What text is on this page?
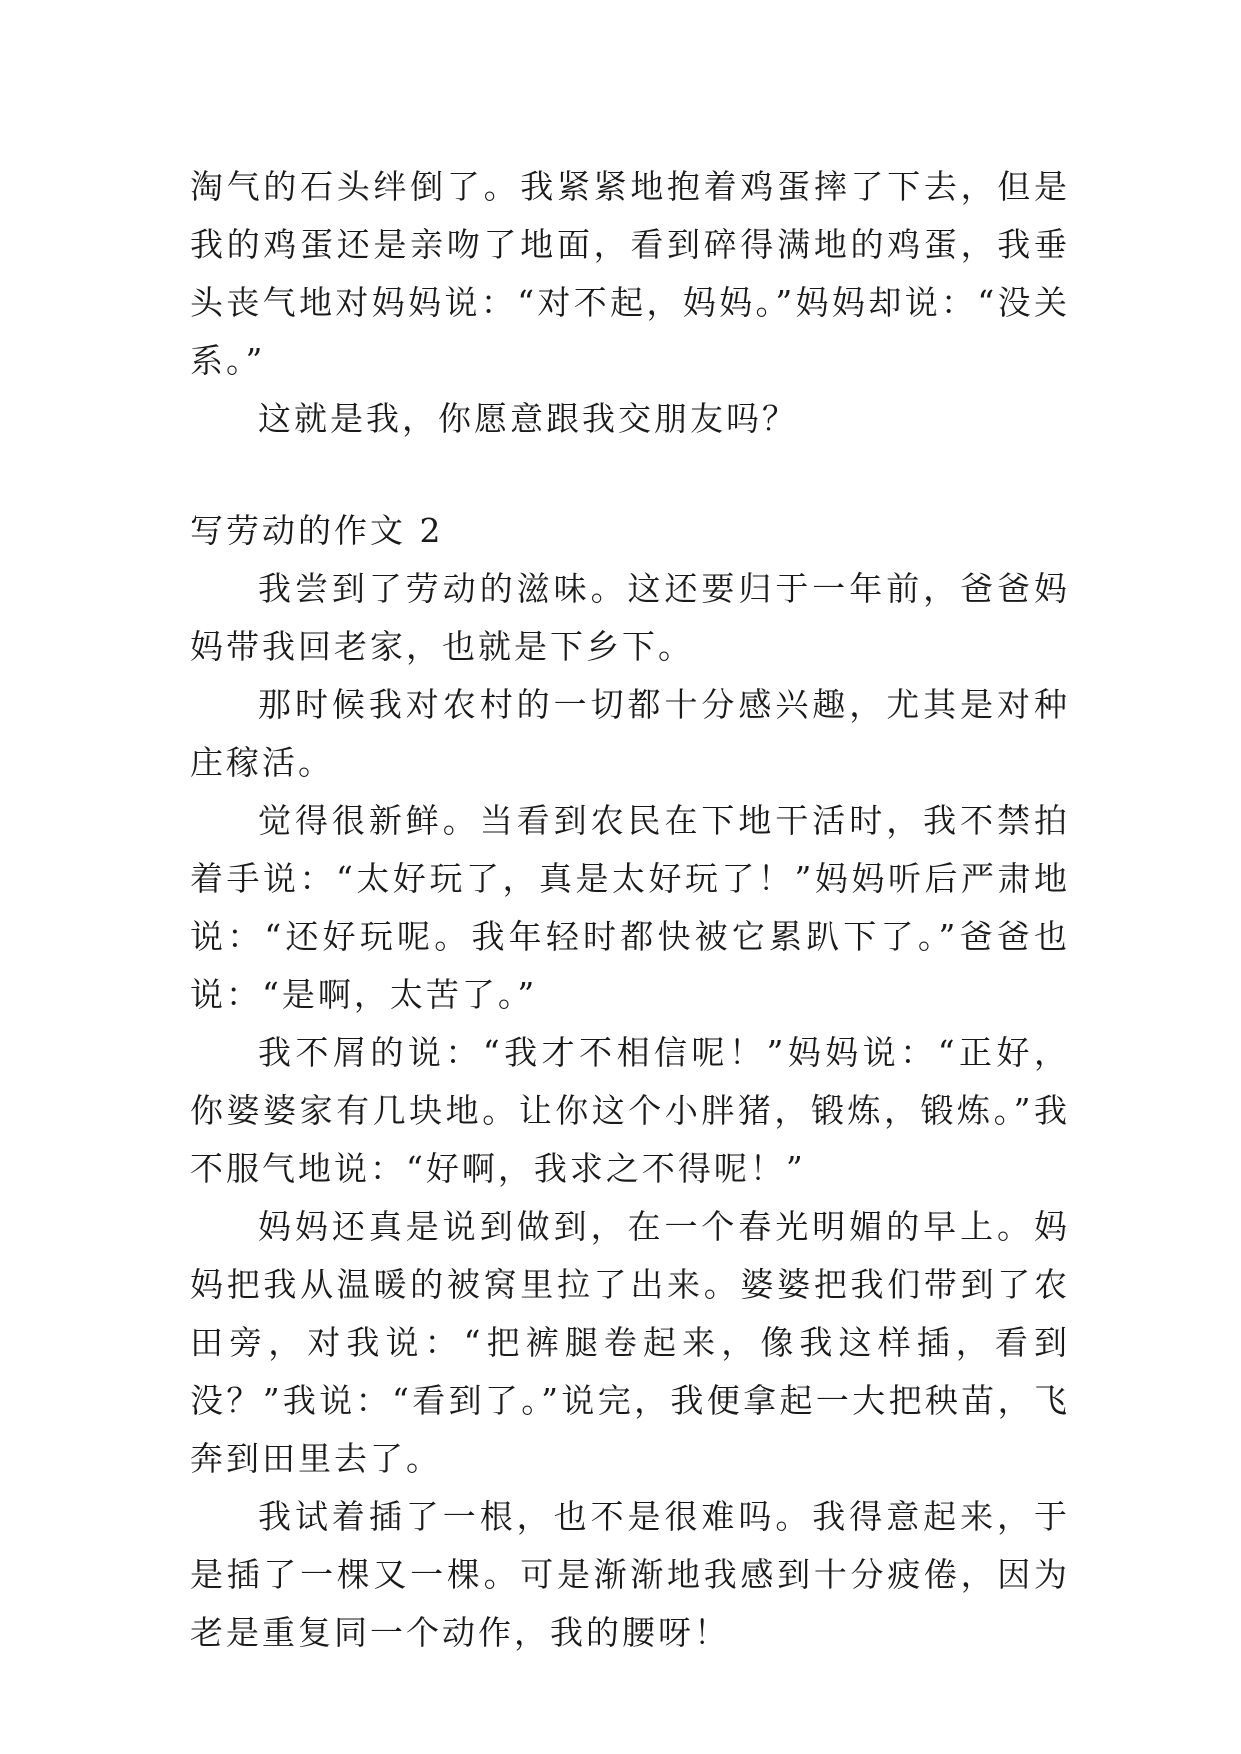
淘气的石头绊倒了。我紧紧地抱着鸡蛋摔了下去，但是我的鸡蛋还是亲吻了地面，看到碎得满地的鸡蛋，我垂头丧气地对妈妈说：“对不起，妈妈。”妈妈却说：“没关系。”

这就是我，你愿意跟我交朋友吗？

写劳动的作文 2

我尝到了劳动的滋味。这还要归于一年前，爸爸妈妈带我回老家，也就是下乡下。

那时候我对农村的一切都十分感兴趣，尤其是对种庄稼活。

觉得很新鲜。当看到农民在下地干活时，我不禁拍着手说：“太好玩了，真是太好玩了！”妈妈听后严肃地说：“还好玩呢。我年轻时都快被它累趴下了。”爸爸也说：“是啊，太苦了。”

我不屑的说：“我才不相信呢！”妈妈说：“正好，你婆婆家有几块地。让你这个小胖猪，锻炼，锻炼。”我不服气地说：“好啊，我求之不得呢！”

妈妈还真是说到做到，在一个春光明媚的早上。妈妈把我从温暖的被窝里拉了出来。婆婆把我们带到了农田旁，对我说：“把裤腿卷起来，像我这样插，看到没？”我说：“看到了。”说完，我便拿起一大把秧苗，飞奔到田里去了。

我试着插了一根，也不是很难吗。我得意起来，于是插了一棵又一棵。可是渐渐地我感到十分疲倦，因为老是重复同一个动作，我的腰呀！
